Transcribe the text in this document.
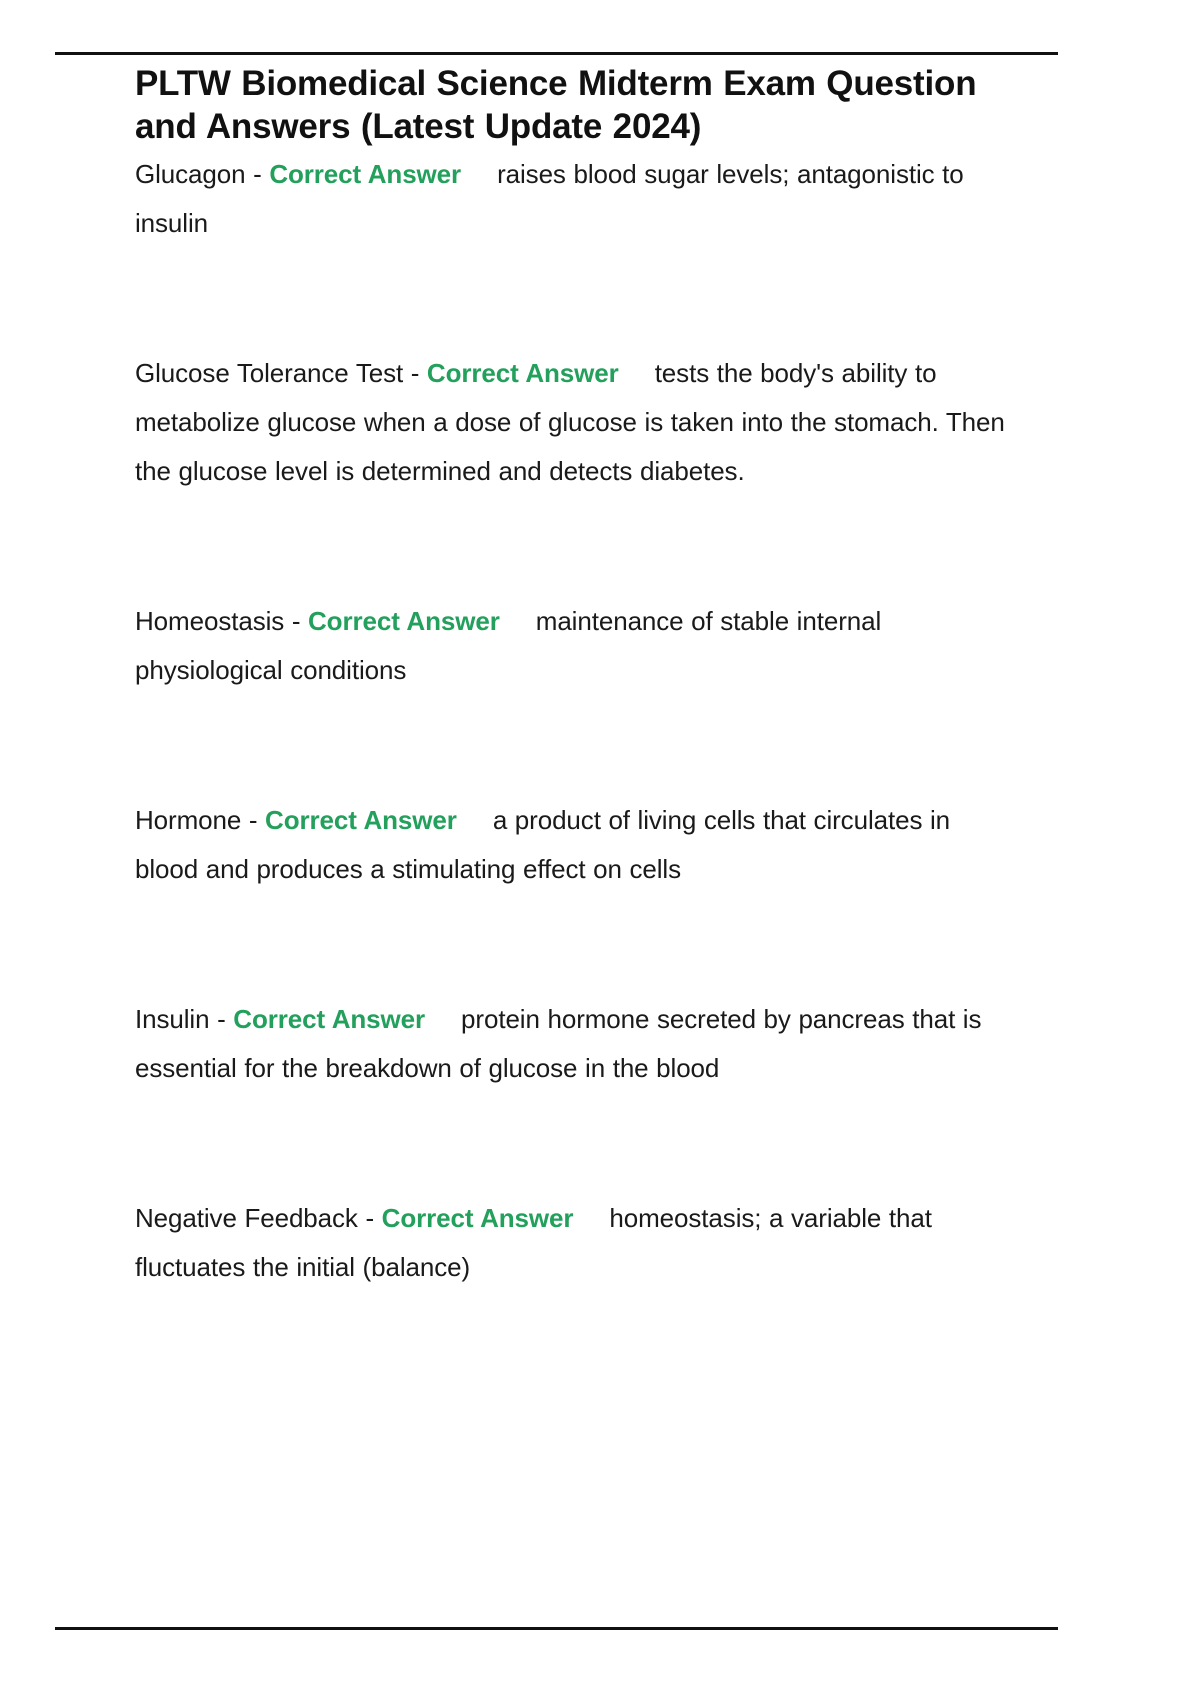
PLTW Biomedical Science Midterm Exam Question and Answers (Latest Update 2024)

Glucagon - Correct Answer raises blood sugar levels; antagonistic to insulin

Glucose Tolerance Test - Correct Answer tests the body's ability to metabolize glucose when a dose of glucose is taken into the stomach. Then the glucose level is determined and detects diabetes.

Homeostasis - Correct Answer maintenance of stable internal physiological conditions

Hormone - Correct Answer a product of living cells that circulates in blood and produces a stimulating effect on cells

Insulin - Correct Answer protein hormone secreted by pancreas that is essential for the breakdown of glucose in the blood

Negative Feedback - Correct Answer homeostasis; a variable that fluctuates the initial (balance)
